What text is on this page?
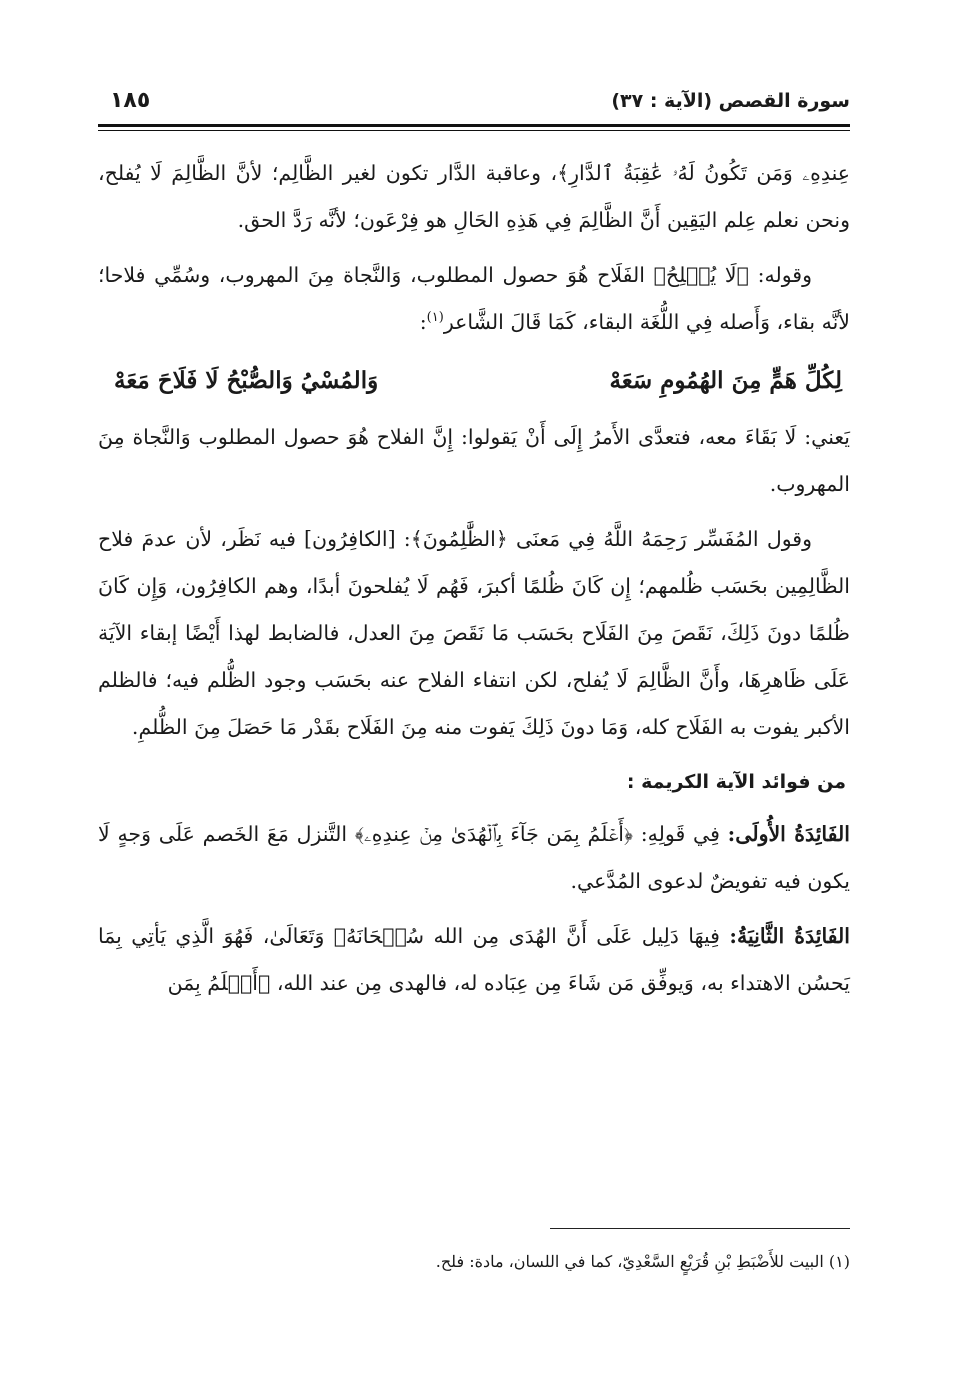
سورة القصص (الآية : ٣٧)
١٨٥

عِندِهِۦ وَمَن تَكُونُ لَهُۥ عَٰقِبَةُ ٱلدَّارِ﴾، وعاقبة الدَّار تكون لغير الظَّالِم؛ لأنَّ الظَّالِمَ لَا يُفلح، ونحن نعلم عِلم اليَقِين أَنَّ الظَّالِمَ فِي هَذِهِ الحَالِ هو فِرْعَون؛ لأنَّه رَدَّ الحق.

وقوله: ﴿لَا يُفۡلِحُ﴾ الفَلَاح هُوَ حصول المطلوب، وَالنَّجاة مِنَ المهروب، وسُمِّي فلاحا؛ لأنَّه بقاء، وَأَصله فِي اللُّغَة البقاء، كَمَا قَالَ الشَّاعر$^{(١)}$:

لِكُلِّ هَمٍّ مِنَ الهُمُومِ سَعَهْ
وَالمُسْيُ وَالصُّبْحُ لَا فَلَاحَ مَعَهْ

يَعني: لَا بَقَاءَ معه، فتعدَّى الأَمرُ إِلَى أَنْ يَقولوا: إِنَّ الفلاح هُوَ حصول المطلوب وَالنَّجاة مِنَ المهروب.

وقول المُفَسِّر رَحِمَهُ اللَّهُ فِي مَعنَى ﴿الظَّٰلِمُونَ﴾: [الكافِرُون] فيه نَظَر، لأن عدمَ فلاح الظَّالِمِين بحَسَب ظُلمهم؛ إِن كَانَ ظُلمًا أكبرَ، فَهُم لَا يُفلحونَ أبدًا، وهم الكافِرُون، وَإِن كَانَ ظُلمًا دونَ ذَلِكَ، نَقَصَ مِنَ الفَلَاح بحَسَب مَا نَقَصَ مِنَ العدل، فالضابط لهذا أَيْضًا إبقاء الآيَة عَلَى ظَاهرِهَا، وأَنَّ الظَّالِمَ لَا يُفلح، لكن انتفاء الفلاح عنه بحَسَب وجود الظُّلم فيه؛ فالظلم الأكبر يفوت به الفَلَاح كله، وَمَا دونَ ذَلِكَ يَفوت منه مِنَ الفَلَاح بقَدْر مَا حَصَلَ مِنَ الظُّلمِ.

من فوائد الآية الكريمة :

الفَائِدَةُ الأُولَى: فِي قَولِهِ: ﴿أَعۡلَمُ بِمَن جَآءَ بِٱلۡهُدَىٰ مِنۡ عِندِهِۦ﴾ التَّنزل مَعَ الخَصم عَلَى وَجهٍ لَا يكون فيه تفويضٌ لدعوى المُدَّعي.

الفَائِدَةُ الثَّانِيَةُ: فِيهَا دَلِيل عَلَى أَنَّ الهُدَى مِن الله سُبۡحَانَهُۥ وَتَعَالَىٰ، فَهُوَ الَّذِي يَأتِي بِمَا يَحسُن الاهتداء به، وَيوفِّق مَن شَاءَ مِن عِبَاده له، فالهدى مِن عند الله، ﴿أَعۡلَمُ بِمَن

(١) البيت للأَضْبَطِ بْنِ قُرَيْعٍ السَّعْدِيّ، كما في اللسان، مادة: فلح.
